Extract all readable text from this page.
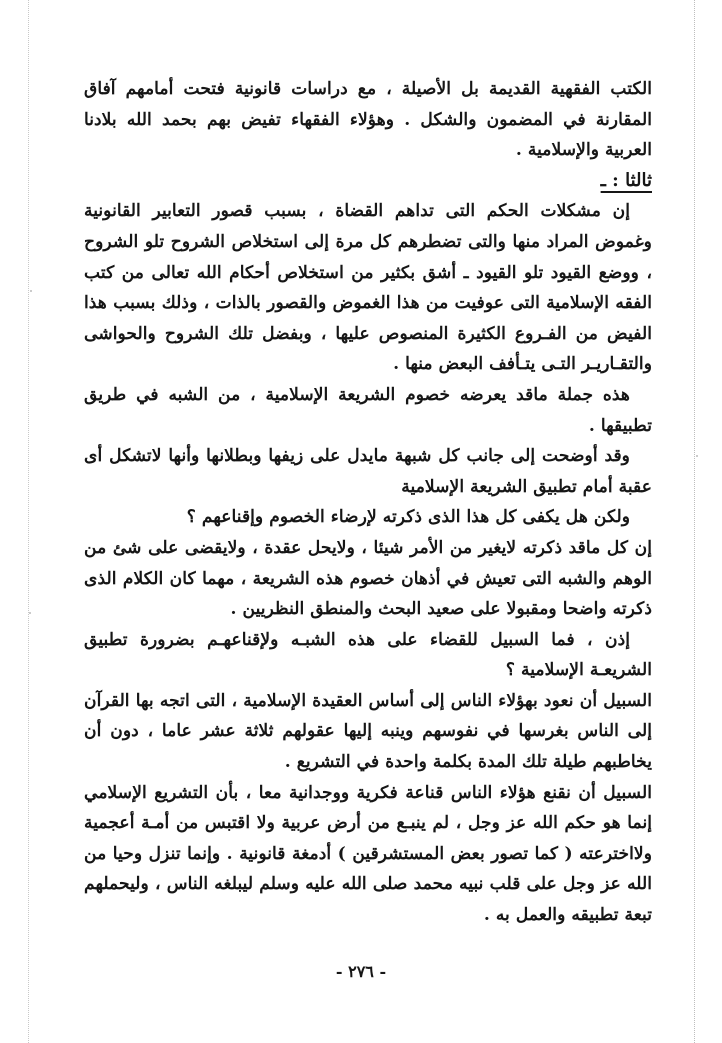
الكتب الفقهية القديمة بل الأصيلة ، مع دراسات قانونية فتحت أمامهم آفاق المقارنة في المضمون والشكل . وهؤلاء الفقهاء تفيض بهم بحمد الله بلادنا العربية والإسلامية .

ثالثا : ـ

إن مشكلات الحكم التى تداهم القضاة ، بسبب قصور التعابير القانونية وغموض المراد منها والتى تضطرهم كل مرة إلى استخلاص الشروح تلو الشروح ، ووضع القيود تلو القيود ـ أشق بكثير من استخلاص أحكام الله تعالى من كتب الفقه الإسلامية التى عوفيت من هذا الغموض والقصور بالذات ، وذلك بسبب هذا الفيض من الفـروع الكثيرة المنصوص عليها ، وبفضل تلك الشروح والحواشى والتقـاريـر التـى يتـأفف البعض منها .

هذه جملة ماقد يعرضه خصوم الشريعة الإسلامية ، من الشبه في طريق تطبيقها .

وقد أوضحت إلى جانب كل شبهة مايدل على زيفها وبطلانها وأنها لاتشكل أى عقبة أمام تطبيق الشريعة الإسلامية

ولكن هل يكفى كل هذا الذى ذكرته لإرضاء الخصوم وإقناعهم ؟

إن كل ماقد ذكرته لايغير من الأمر شيئا ، ولايحل عقدة ، ولايقضى على شئ من الوهم والشبه التى تعيش في أذهان خصوم هذه الشريعة ، مهما كان الكلام الذى ذكرته واضحا ومقبولا على صعيد البحث والمنطق النظريين .

إذن ، فما السبيل للقضاء على هذه الشبـه ولإقناعهـم بضرورة تطبيق الشريعـة الإسلامية ؟

السبيل أن نعود بهؤلاء الناس إلى أساس العقيدة الإسلامية ، التى اتجه بها القرآن إلى الناس بغرسها في نفوسهم وينبه إليها عقولهم ثلاثة عشر عاما ، دون أن يخاطبهم طيلة تلك المدة بكلمة واحدة في التشريع .

السبيل أن نقنع هؤلاء الناس قناعة فكرية ووجدانية معا ، بأن التشريع الإسلامي إنما هو حكم الله عز وجل ، لم ينبـع من أرض عربية ولا اقتبس من أمـة أعجمية ولااخترعته ( كما تصور بعض المستشرقين ) أدمغة قانونية . وإنما تنزل وحيا من الله عز وجل على قلب نبيه محمد صلى الله عليه وسلم ليبلغه الناس ، وليحملهم تبعة تطبيقه والعمل به .

- ٢٧٦ -
